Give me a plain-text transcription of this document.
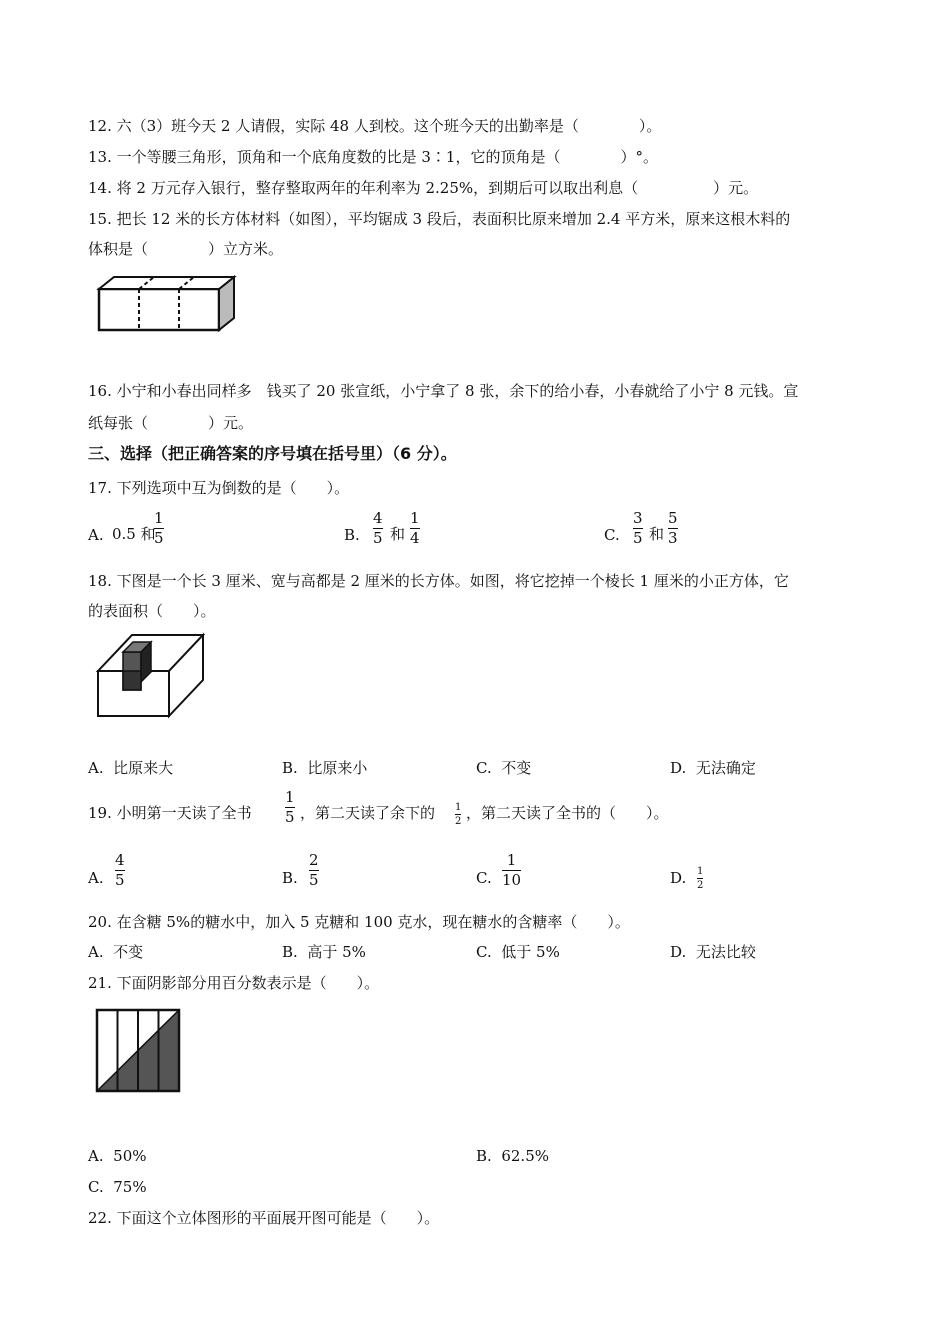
12. 六（3）班今天 2 人请假，实际 48 人到校。这个班今天的出勤率是（　　　　）。
13. 一个等腰三角形，顶角和一个底角度数的比是 3∶1，它的顶角是（　　　　）°。
14. 将 2 万元存入银行，整存整取两年的年利率为 2.25%，到期后可以取出利息（　　　　　）元。
15. 把长 12 米的长方体材料（如图），平均锯成 3 段后，表面积比原来增加 2.4 平方米，原来这根木料的
体积是（　　　　）立方米。
16. 小宁和小春出同样多　钱买了 20 张宣纸，小宁拿了 8 张，余下的给小春，小春就给了小宁 8 元钱。宣
纸每张（　　　　）元。
三、选择（把正确答案的序号填在括号里）（6 分）。
17. 下列选项中互为倒数的是（　　）。
A. 0.5 和
1
5	B.
4
5 和
1
4	C.
3
5 和
5
3
18. 下图是一个长 3 厘米、宽与高都是 2 厘米的长方体。如图，将它挖掉一个棱长 1 厘米的小正方体，它
的表面积（　　）。
A. 比原来大	B. 比原来小	C. 不变	D. 无法确定
19. 小明第一天读了全书
1
5 ，第二天读了余下的 1
2 ，第二天读了全书的（　　）。
A.
4
5	B.
2
5	C.
1
10	D. 1
2
20. 在含糖 5%的糖水中，加入 5 克糖和 100 克水，现在糖水的含糖率（　　）。
A. 不变	B. 高于 5%	C. 低于 5%	D. 无法比较
21. 下面阴影部分用百分数表示是（　　）。
A. 50%	B. 62.5%
C. 75%
22. 下面这个立体图形的平面展开图可能是（　　）。
